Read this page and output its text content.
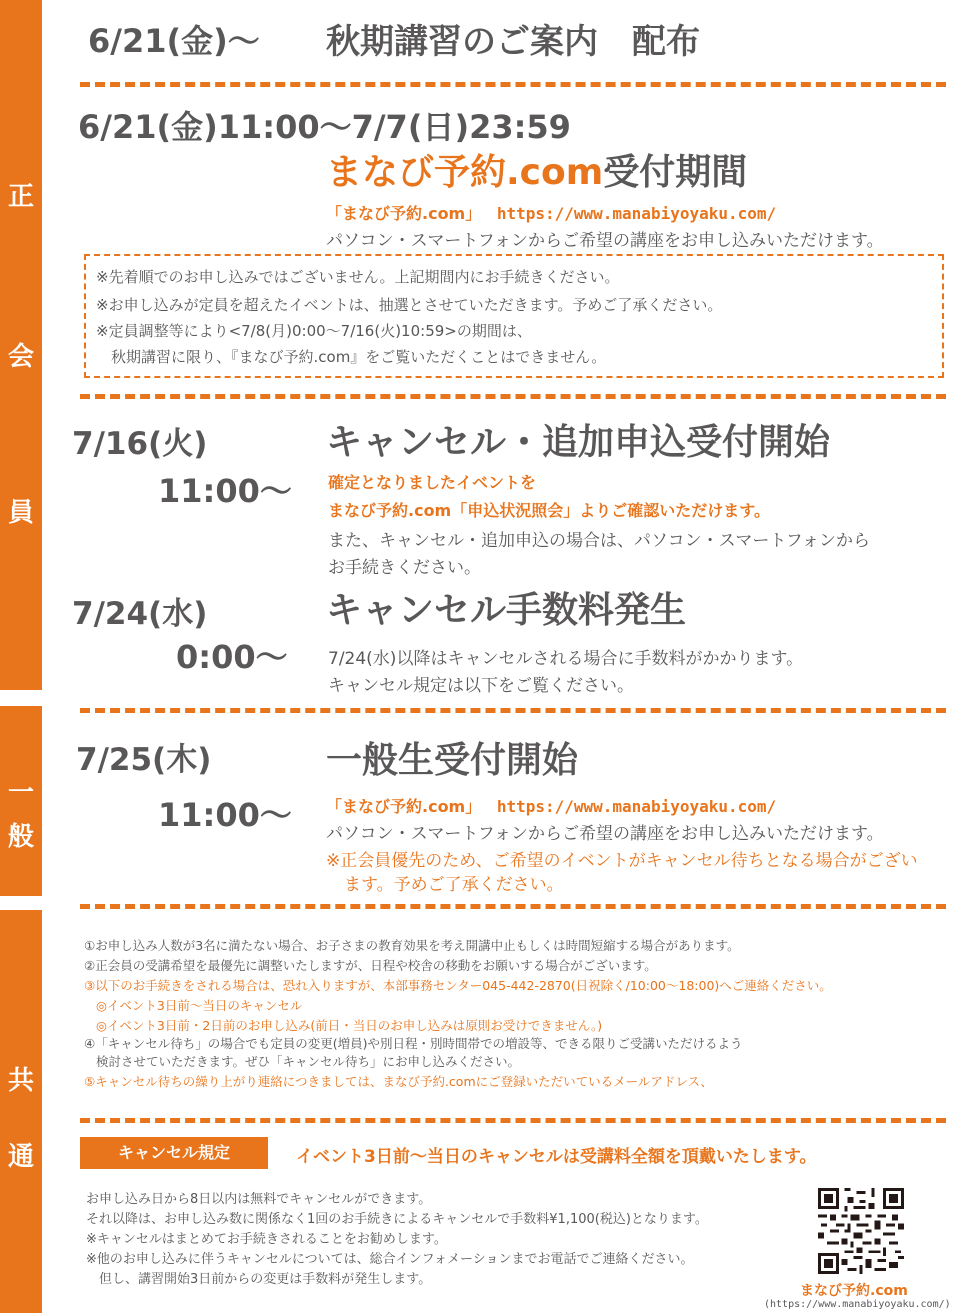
正
会
員
一
般
共
通
6/21(金)〜 秋期講習のご案内　配布
6/21(金)11:00〜7/7(日)23:59
まなび予約.com受付期間
「まなび予約.com」 https://www.manabiyoyaku.com/
パソコン・スマートフォンからご希望の講座をお申し込みいただけます。
※先着順でのお申し込みではございません。上記期間内にお手続きください。
※お申し込みが定員を超えたイベントは、抽選とさせていただきます。予めご了承ください。
※定員調整等により<7/8(月)0:00〜7/16(火)10:59>の期間は、
　秋期講習に限り、『まなび予約.com』をご覧いただくことはできません。
7/16(火)
11:00〜
キャンセル・追加申込受付開始
確定となりましたイベントを
まなび予約.com「申込状況照会」よりご確認いただけます。
また、キャンセル・追加申込の場合は、パソコン・スマートフォンから
お手続きください。
7/24(水)
0:00〜
キャンセル手数料発生
7/24(水)以降はキャンセルされる場合に手数料がかかります。
キャンセル規定は以下をご覧ください。
7/25(木)
11:00〜
一般生受付開始
「まなび予約.com」 https://www.manabiyoyaku.com/
パソコン・スマートフォンからご希望の講座をお申し込みいただけます。
※正会員優先のため、ご希望のイベントがキャンセル待ちとなる場合がござい
ます。予めご了承ください。
①お申し込み人数が3名に満たない場合、お子さまの教育効果を考え開講中止もしくは時間短縮する場合があります。
②正会員の受講希望を最優先に調整いたしますが、日程や校舎の移動をお願いする場合がございます。
③以下のお手続きをされる場合は、恐れ入りますが、本部事務センター045-442-2870(日祝除く/10:00〜18:00)へご連絡ください。
◎イベント3日前〜当日のキャンセル
◎イベント3日前・2日前のお申し込み(前日・当日のお申し込みは原則お受けできません。)
④「キャンセル待ち」の場合でも定員の変更(増員)や別日程・別時間帯での増設等、できる限りご受講いただけるよう
検討させていただきます。ぜひ「キャンセル待ち」にお申し込みください。
⑤キャンセル待ちの繰り上がり連絡につきましては、まなび予約.comにご登録いただいているメールアドレス、
キャンセル規定	イベント3日前〜当日のキャンセルは受講料全額を頂戴いたします。
お申し込み日から8日以内は無料でキャンセルができます。
それ以降は、お申し込み数に関係なく1回のお手続きによるキャンセルで手数料¥1,100(税込)となります。
※キャンセルはまとめてお手続きされることをお勧めします。
※他のお申し込みに伴うキャンセルについては、総合インフォメーションまでお電話でご連絡ください。
　但し、講習開始3日前からの変更は手数料が発生します。
まなび予約.com
(https://www.manabiyoyaku.com/)
